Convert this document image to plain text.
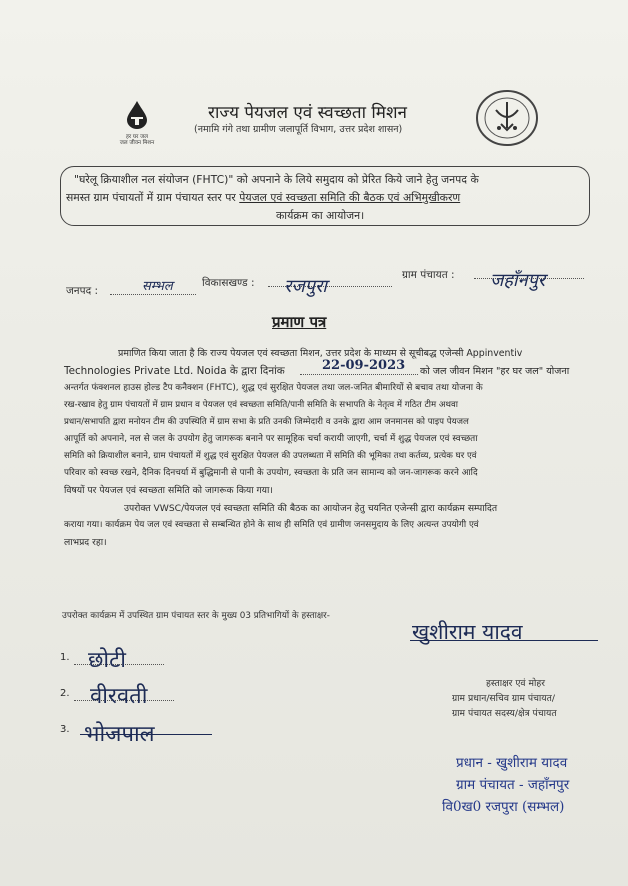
हर घर जल
जल जीवन मिशन
राज्य पेयजल एवं स्वच्छता मिशन
(नमामि गंगे तथा ग्रामीण जलापूर्ति विभाग, उत्तर प्रदेश शासन)
"घरेलू क्रियाशील नल संयोजन (FHTC)" को अपनाने के लिये समुदाय को प्रेरित किये जाने हेतु जनपद के
समस्त ग्राम पंचायतों में ग्राम पंचायत स्तर पर पेयजल एवं स्वच्छता समिति की बैठक एवं अभिमुखीकरण
कार्यक्रम का आयोजन।
जनपद :	सम्भल	विकासखण्ड : रजपुरा
ग्राम पंचायत : जहाँनपुर
प्रमाण पत्र
प्रमाणित किया जाता है कि राज्य पेयजल एवं स्वच्छता मिशन, उत्तर प्रदेश के माध्यम से सूचीबद्ध एजेन्सी Appinventiv
Technologies Private Ltd. Noida के द्वारा दिनांक	22-09-2023 को जल जीवन मिशन "हर घर जल" योजना
अन्तर्गत फंक्शनल हाउस होल्ड टैप कनैक्शन (FHTC), शुद्ध एवं सुरक्षित पेयजल तथा जल-जनित बीमारियों से बचाव तथा योजना के
रख-रखाव हेतु ग्राम पंचायतों में ग्राम प्रधान व पेयजल एवं स्वच्छता समिति/पानी समिति के सभापति के नेतृत्व में गठित टीम अथवा
प्रधान/सभापति द्वारा मनोयन टीम की उपस्थिति में ग्राम सभा के प्रति उनकी जिम्मेदारी व उनके द्वारा आम जनमानस को पाइप पेयजल
आपूर्ति को अपनाने, नल से जल के उपयोग हेतु जागरूक बनाने पर सामूहिक चर्चा करायी जाएगी, चर्चा में शुद्ध पेयजल एवं स्वच्छता
समिति को क्रियाशील बनाने, ग्राम पंचायतों में शुद्ध एवं सुरक्षित पेयजल की उपलब्धता में समिति की भूमिका तथा कर्तव्य, प्रत्येक घर एवं
परिवार को स्वच्छ रखने, दैनिक दिनचर्या में बुद्धिमानी से पानी के उपयोग, स्वच्छता के प्रति जन सामान्य को जन-जागरूक करने आदि
विषयों पर पेयजल एवं स्वच्छता समिति को जागरूक किया गया।
उपरोक्त VWSC/पेयजल एवं स्वच्छता समिति की बैठक का आयोजन हेतु चयनित एजेन्सी द्वारा कार्यक्रम सम्पादित
कराया गया। कार्यक्रम पेय जल एवं स्वच्छता से सम्बन्धित होने के साथ ही समिति एवं ग्रामीण जनसमुदाय के लिए अत्यन्त उपयोगी एवं
लाभप्रद रहा।
उपरोक्त कार्यक्रम में उपस्थित ग्राम पंचायत स्तर के मुख्य 03 प्रतिभागियों के हस्ताक्षर-
1. छोटी
2. वीरवती
3. भोजपाल
खुशीराम यादव
हस्ताक्षर एवं मोहर
ग्राम प्रधान/सचिव ग्राम पंचायत/
ग्राम पंचायत सदस्य/क्षेत्र पंचायत
प्रधान - खुशीराम यादव
ग्राम पंचायत - जहाँनपुर
वि0ख0 रजपुरा (सम्भल)
